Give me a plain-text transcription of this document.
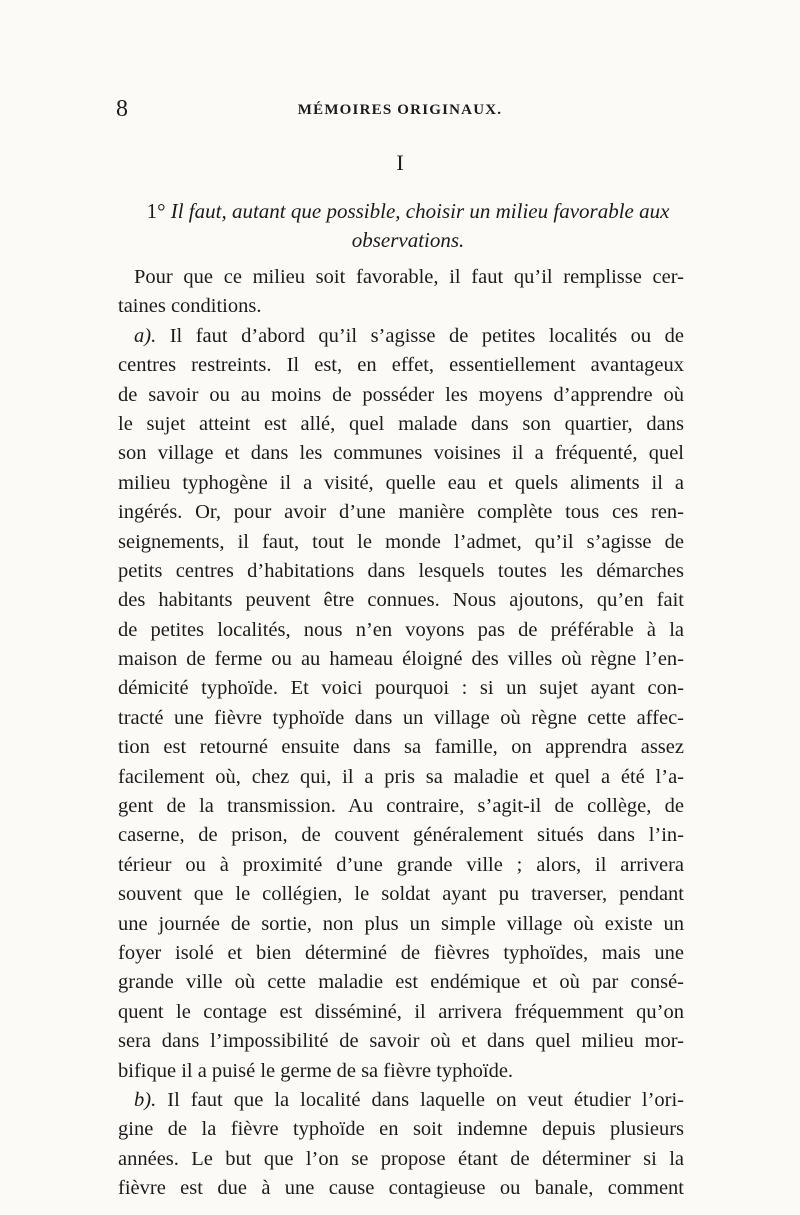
8	MÉMOIRES ORIGINAUX.
I
1° Il faut, autant que possible, choisir un milieu favorable aux
observations.
Pour que ce milieu soit favorable, il faut qu’il remplisse cer-
taines conditions.
a). Il faut d’abord qu’il s’agisse de petites localités ou de
centres restreints. Il est, en effet, essentiellement avantageux
de savoir ou au moins de posséder les moyens d’apprendre où
le sujet atteint est allé, quel malade dans son quartier, dans
son village et dans les communes voisines il a fréquenté, quel
milieu typhogène il a visité, quelle eau et quels aliments il a
ingérés. Or, pour avoir d’une manière complète tous ces ren-
seignements, il faut, tout le monde l’admet, qu’il s’agisse de
petits centres d’habitations dans lesquels toutes les démarches
des habitants peuvent être connues. Nous ajoutons, qu’en fait
de petites localités, nous n’en voyons pas de préférable à la
maison de ferme ou au hameau éloigné des villes où règne l’en-
démicité typhoïde. Et voici pourquoi : si un sujet ayant con-
tracté une fièvre typhoïde dans un village où règne cette affec-
tion est retourné ensuite dans sa famille, on apprendra assez
facilement où, chez qui, il a pris sa maladie et quel a été l’a-
gent de la transmission. Au contraire, s’agit-il de collège, de
caserne, de prison, de couvent généralement situés dans l’in-
térieur ou à proximité d’une grande ville ; alors, il arrivera
souvent que le collégien, le soldat ayant pu traverser, pendant
une journée de sortie, non plus un simple village où existe un
foyer isolé et bien déterminé de fièvres typhoïdes, mais une
grande ville où cette maladie est endémique et où par consé-
quent le contage est disséminé, il arrivera fréquemment qu’on
sera dans l’impossibilité de savoir où et dans quel milieu mor-
bifique il a puisé le germe de sa fièvre typhoïde.
b). Il faut que la localité dans laquelle on veut étudier l’ori-
gine de la fièvre typhoïde en soit indemne depuis plusieurs
années. Le but que l’on se propose étant de déterminer si la
fièvre est due à une cause contagieuse ou banale, comment
